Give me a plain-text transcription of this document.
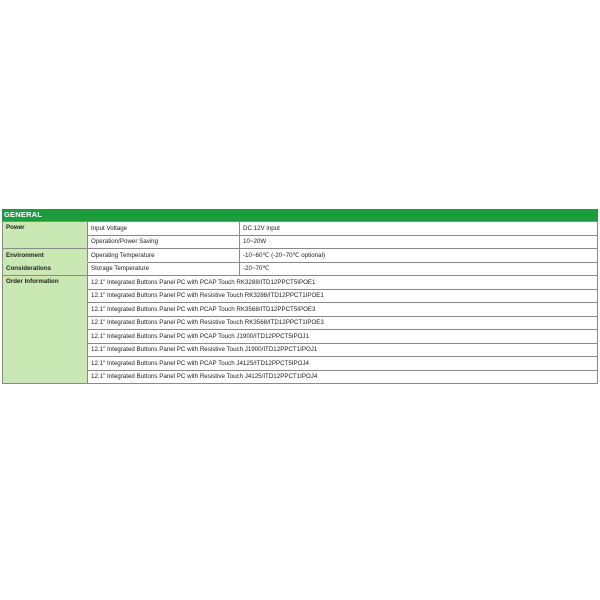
GENERAL
Power	Input Voltage	DC 12V input
	Operation/Power Saving	10~20W
Environment	Operating Temperature	-10~60℃ (-20~70℃ optional)
Considerations	Storage Temperature	-20~70℃
Order Information	12.1" Integrated Buttons Panel PC with PCAP Touch RK3288/ITD12PPCT5IPOE1	
	12.1" Integrated Buttons Panel PC with Resistive Touch RK3288/ITD12PPCT1IPOE1	
	12.1" Integrated Buttons Panel PC with PCAP Touch RK3568/ITD12PPCT5IPOE3	
	12.1" Integrated Buttons Panel PC with Resistive Touch RK3568/ITD12PPCT1IPOE3	
	12.1" Integrated Buttons Panel PC with PCAP Touch J1900/ITD12PPCT5IPOJ1	
	12.1" Integrated Buttons Panel PC with Resistive Touch J1900/ITD12PPCT1IPOJ1	
	12.1" Integrated Buttons Panel PC with PCAP Touch J4125/ITD12PPCT5IPOJ4	
	12.1" Integrated Buttons Panel PC with Resistive Touch J4125/ITD12PPCT1IPOJ4	
